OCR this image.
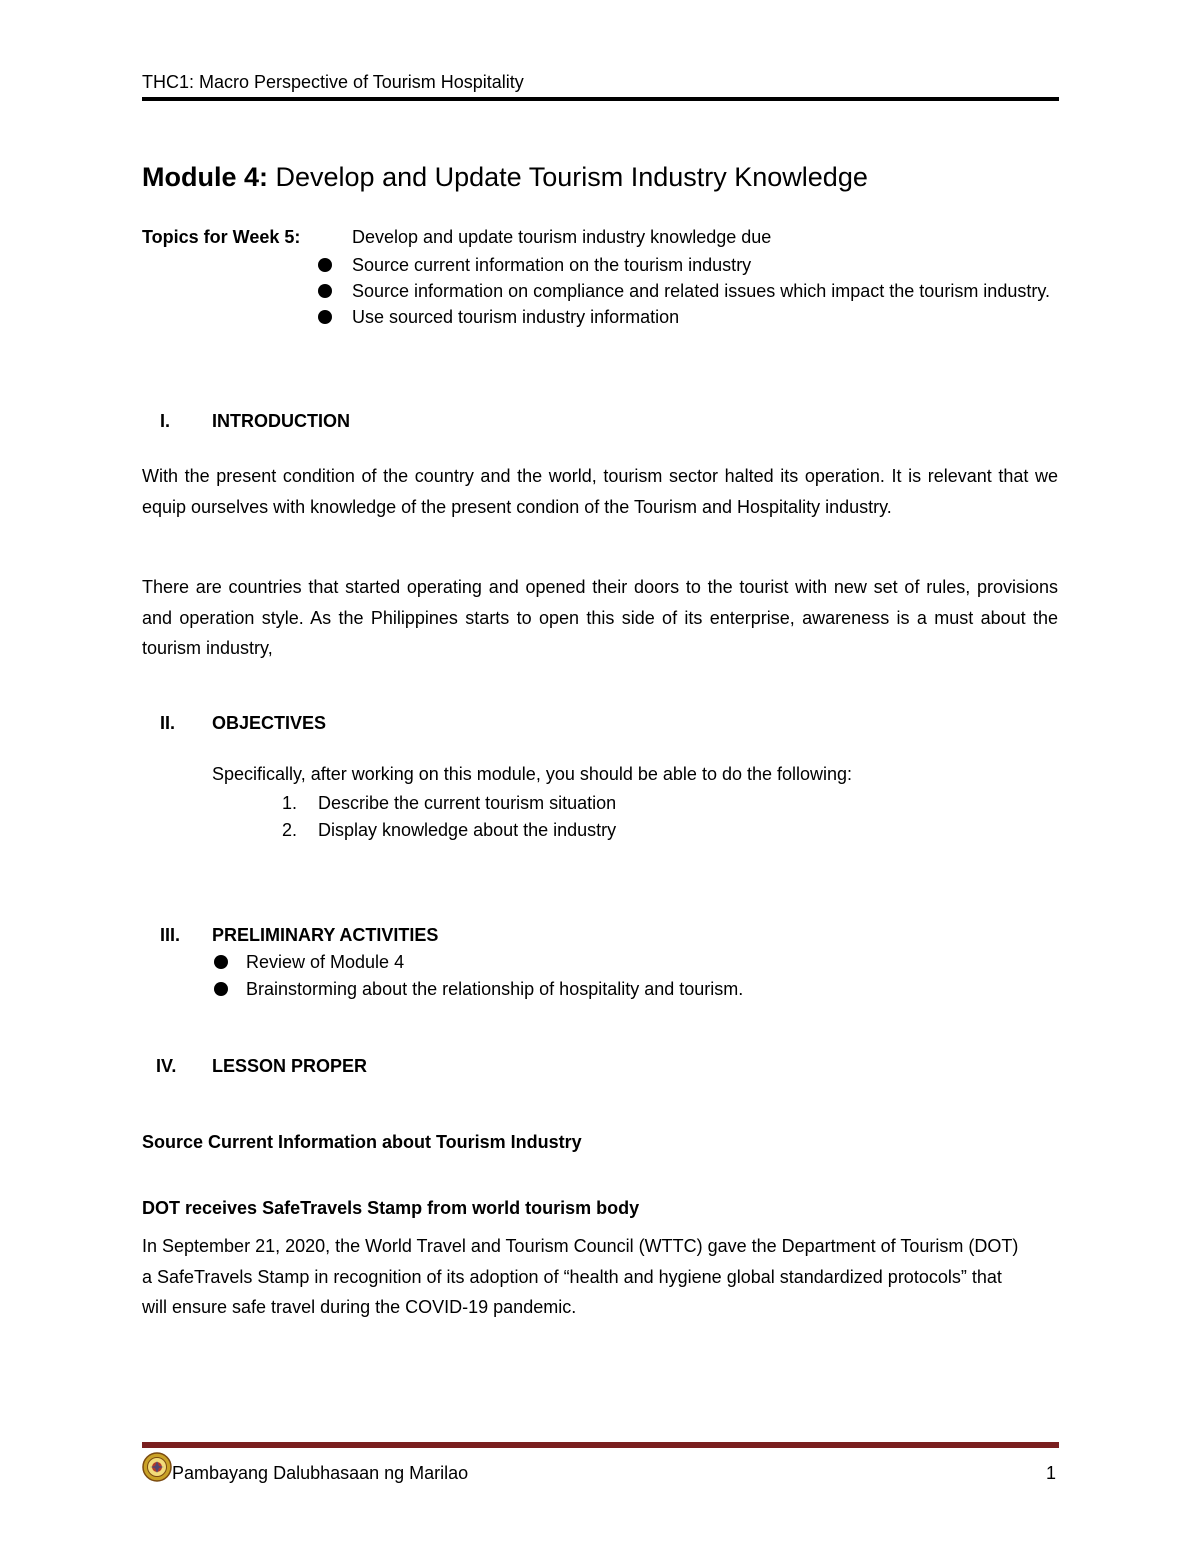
THC1: Macro Perspective of Tourism Hospitality
Module 4: Develop and Update Tourism Industry Knowledge
Topics for Week 5:	Develop and update tourism industry knowledge due
Source current information on the tourism industry
Source information on compliance and related issues which impact the tourism industry.
Use sourced tourism industry information
I. INTRODUCTION

With the present condition of the country and the world, tourism sector halted its operation. It is relevant that we equip ourselves with knowledge of the present condion of the Tourism and Hospitality industry.

There are countries that started operating and opened their doors to the tourist with new set of rules, provisions and operation style. As the Philippines starts to open this side of its enterprise, awareness is a must about the tourism industry,

II. OBJECTIVES
Specifically, after working on this module, you should be able to do the following:
1. Describe the current tourism situation
2. Display knowledge about the industry
III. PRELIMINARY ACTIVITIES
Review of Module 4
Brainstorming about the relationship of hospitality and tourism.
IV. LESSON PROPER
Source Current Information about Tourism Industry
DOT receives SafeTravels Stamp from world tourism body

In September 21, 2020, the World Travel and Tourism Council (WTTC) gave the Department of Tourism (DOT) a SafeTravels Stamp in recognition of its adoption of “health and hygiene global standardized protocols” that will ensure safe travel during the COVID-19 pandemic.

Pambayang Dalubhasaan ng Marilao	1
